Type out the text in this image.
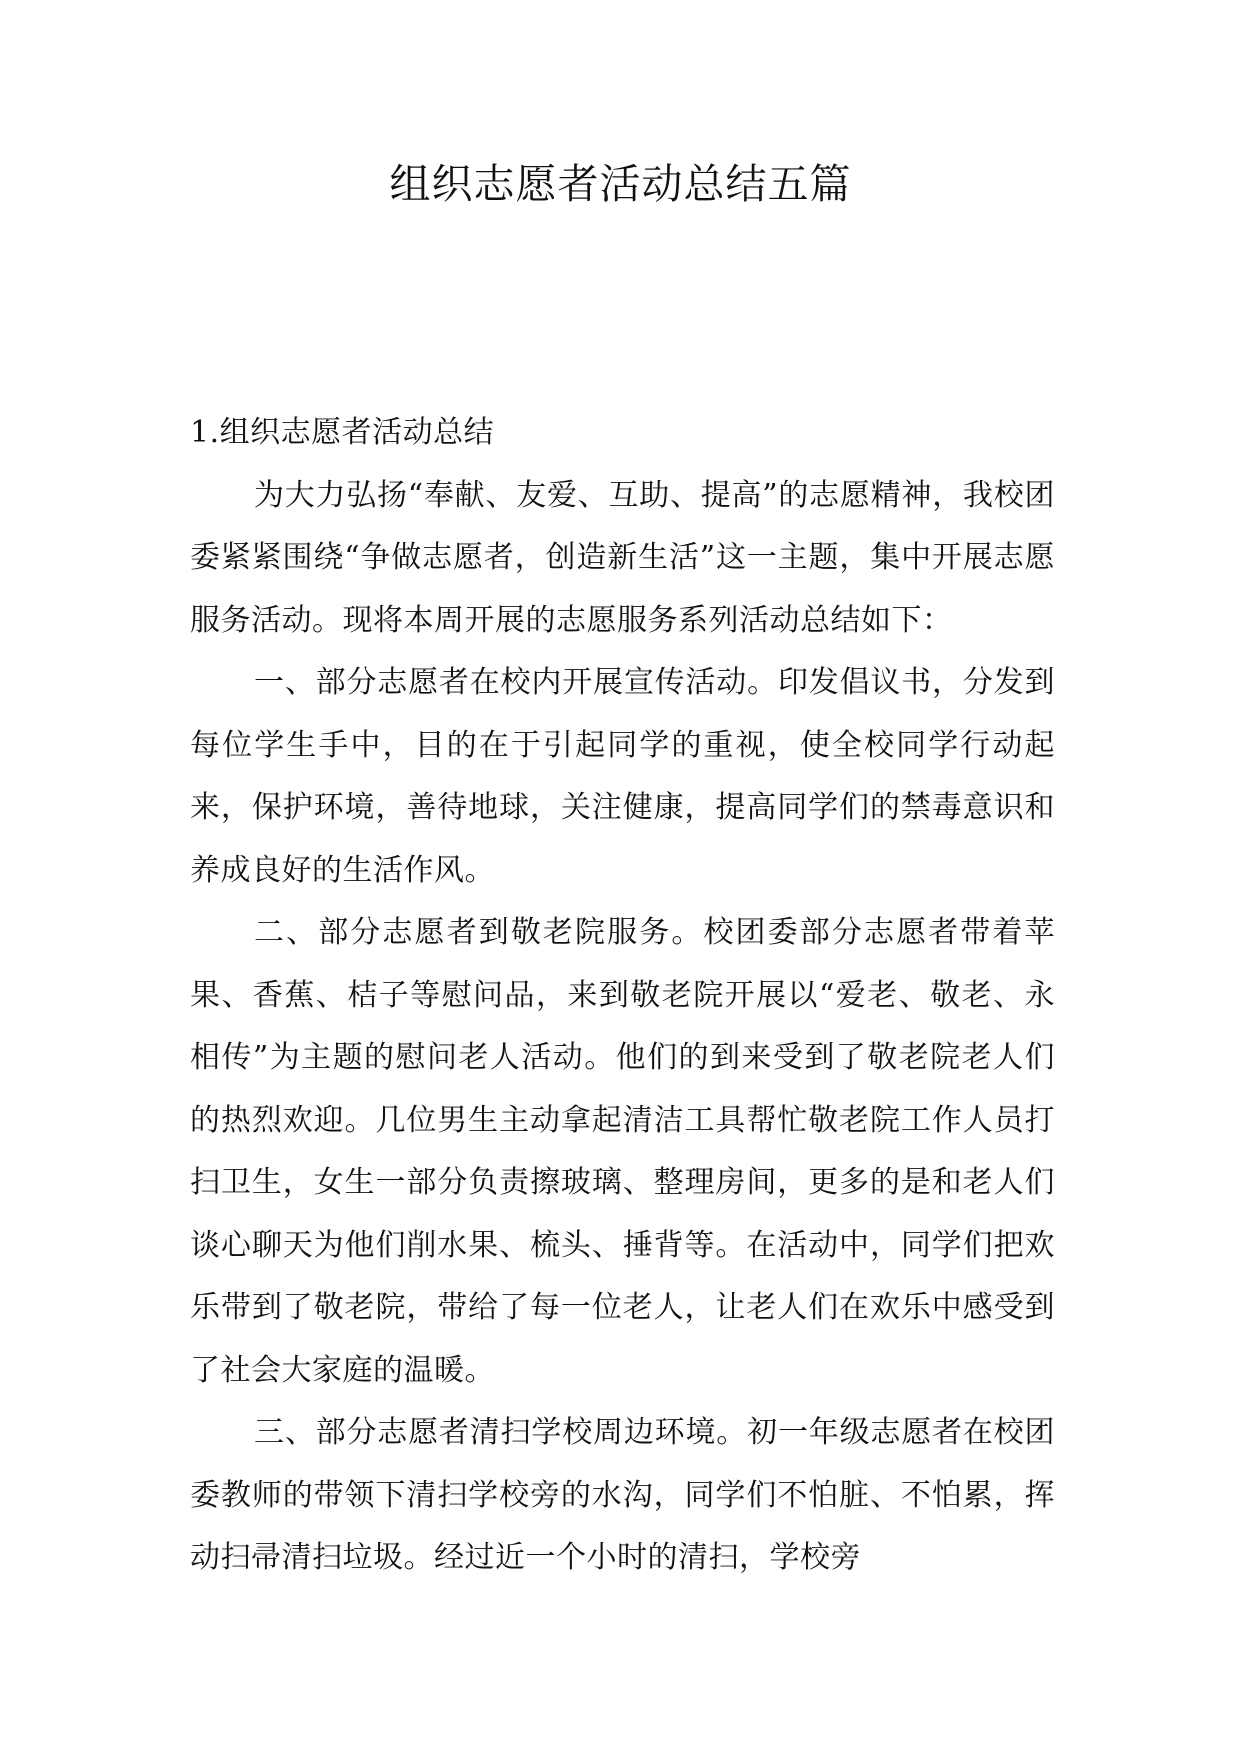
组织志愿者活动总结五篇
1.组织志愿者活动总结

为大力弘扬“奉献、友爱、互助、提高”的志愿精神，我校团委紧紧围绕“争做志愿者，创造新生活”这一主题，集中开展志愿服务活动。现将本周开展的志愿服务系列活动总结如下：

一、部分志愿者在校内开展宣传活动。印发倡议书，分发到每位学生手中，目的在于引起同学的重视，使全校同学行动起来，保护环境，善待地球，关注健康，提高同学们的禁毒意识和养成良好的生活作风。

二、部分志愿者到敬老院服务。校团委部分志愿者带着苹果、香蕉、桔子等慰问品，来到敬老院开展以“爱老、敬老、永相传”为主题的慰问老人活动。他们的到来受到了敬老院老人们的热烈欢迎。几位男生主动拿起清洁工具帮忙敬老院工作人员打扫卫生，女生一部分负责擦玻璃、整理房间，更多的是和老人们谈心聊天为他们削水果、梳头、捶背等。在活动中，同学们把欢乐带到了敬老院，带给了每一位老人，让老人们在欢乐中感受到了社会大家庭的温暖。

三、部分志愿者清扫学校周边环境。初一年级志愿者在校团委教师的带领下清扫学校旁的水沟，同学们不怕脏、不怕累，挥动扫帚清扫垃圾。经过近一个小时的清扫，学校旁
